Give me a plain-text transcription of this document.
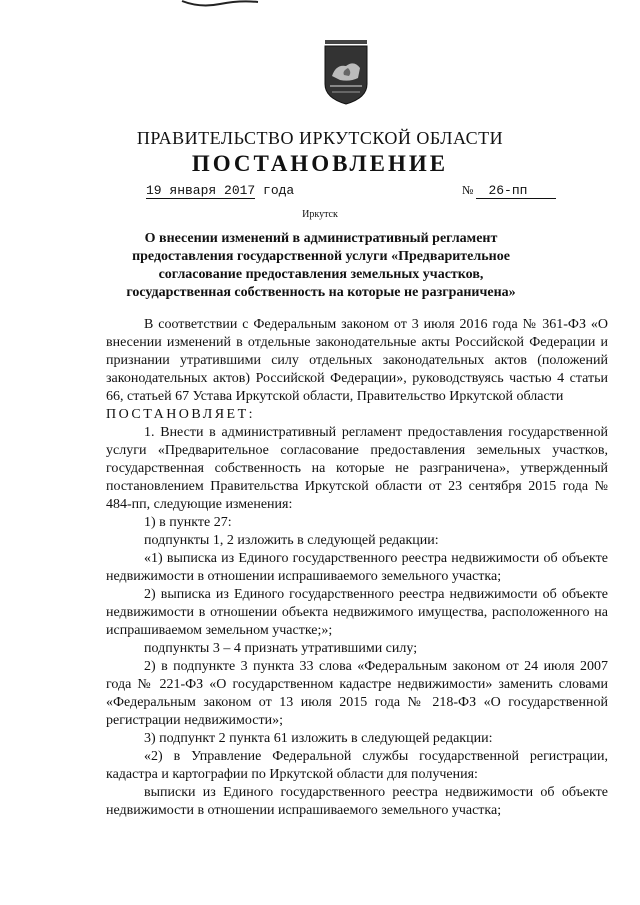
ПРАВИТЕЛЬСТВО ИРКУТСКОЙ ОБЛАСТИ
ПОСТАНОВЛЕНИЕ
19 января 2017 года	№ 26-пп
Иркутск
О внесении изменений в административный регламент предоставления государственной услуги «Предварительное согласование предоставления земельных участков, государственная собственность на которые не разграничена»

В соответствии с Федеральным законом от 3 июля 2016 года № 361-ФЗ «О внесении изменений в отдельные законодательные акты Российской Федерации и признании утратившими силу отдельных законодательных актов (положений законодательных актов) Российской Федерации», руководствуясь частью 4 статьи 66, статьей 67 Устава Иркутской области, Правительство Иркутской области

ПОСТАНОВЛЯЕТ:

1. Внести в административный регламент предоставления государственной услуги «Предварительное согласование предоставления земельных участков, государственная собственность на которые не разграничена», утвержденный постановлением Правительства Иркутской области от 23 сентября 2015 года № 484-пп, следующие изменения:

1) в пункте 27:

подпункты 1, 2 изложить в следующей редакции:

«1) выписка из Единого государственного реестра недвижимости об объекте недвижимости в отношении испрашиваемого земельного участка;

2) выписка из Единого государственного реестра недвижимости об объекте недвижимости в отношении объекта недвижимого имущества, расположенного на испрашиваемом земельном участке;»;

подпункты 3 – 4 признать утратившими силу;

2) в подпункте 3 пункта 33 слова «Федеральным законом от 24 июля 2007 года № 221-ФЗ «О государственном кадастре недвижимости» заменить словами «Федеральным законом от 13 июля 2015 года № 218-ФЗ «О государственной регистрации недвижимости»;

3) подпункт 2 пункта 61 изложить в следующей редакции:

«2) в Управление Федеральной службы государственной регистрации, кадастра и картографии по Иркутской области для получения:

выписки из Единого государственного реестра недвижимости об объекте недвижимости в отношении испрашиваемого земельного участка;
